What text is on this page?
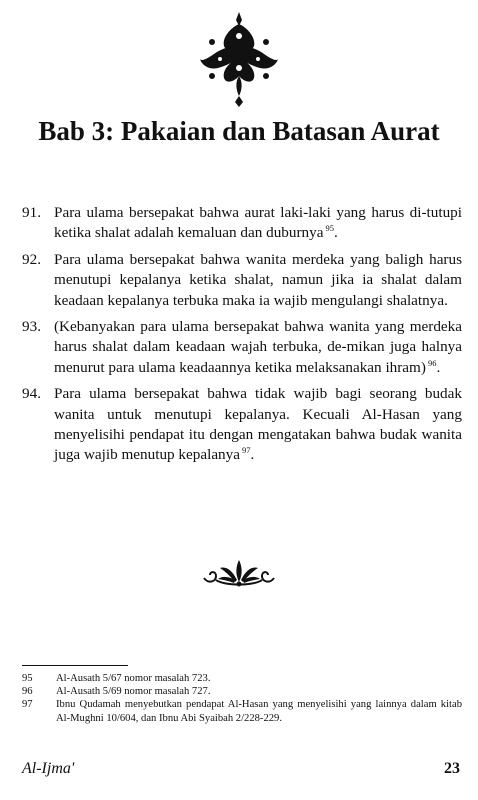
Bab 3: Pakaian dan Batasan Aurat
91. Para ulama bersepakat bahwa aurat laki-laki yang harus di-tutupi ketika shalat adalah kemaluan dan duburnya $^{95}$.
92. Para ulama bersepakat bahwa wanita merdeka yang baligh harus menutupi kepalanya ketika shalat, namun jika ia shalat dalam keadaan kepalanya terbuka maka ia wajib mengulangi shalatnya.
93. (Kebanyakan para ulama bersepakat bahwa wanita yang merdeka harus shalat dalam keadaan wajah terbuka, de-mikan juga halnya menurut para ulama keadaannya ketika melaksanakan ihram) $^{96}$.
94. Para ulama bersepakat bahwa tidak wajib bagi seorang budak wanita untuk menutupi kepalanya. Kecuali Al-Hasan yang menyelisihi pendapat itu dengan mengatakan bahwa budak wanita juga wajib menutup kepalanya $^{97}$.
95	Al-Ausath 5/67 nomor masalah 723.
96	Al-Ausath 5/69 nomor masalah 727.
97	Ibnu Qudamah menyebutkan pendapat Al-Hasan yang menyelisihi yang lainnya dalam kitab Al-Mughni 10/604, dan Ibnu Abi Syaibah 2/228-229.
Al-Ijma'	23
